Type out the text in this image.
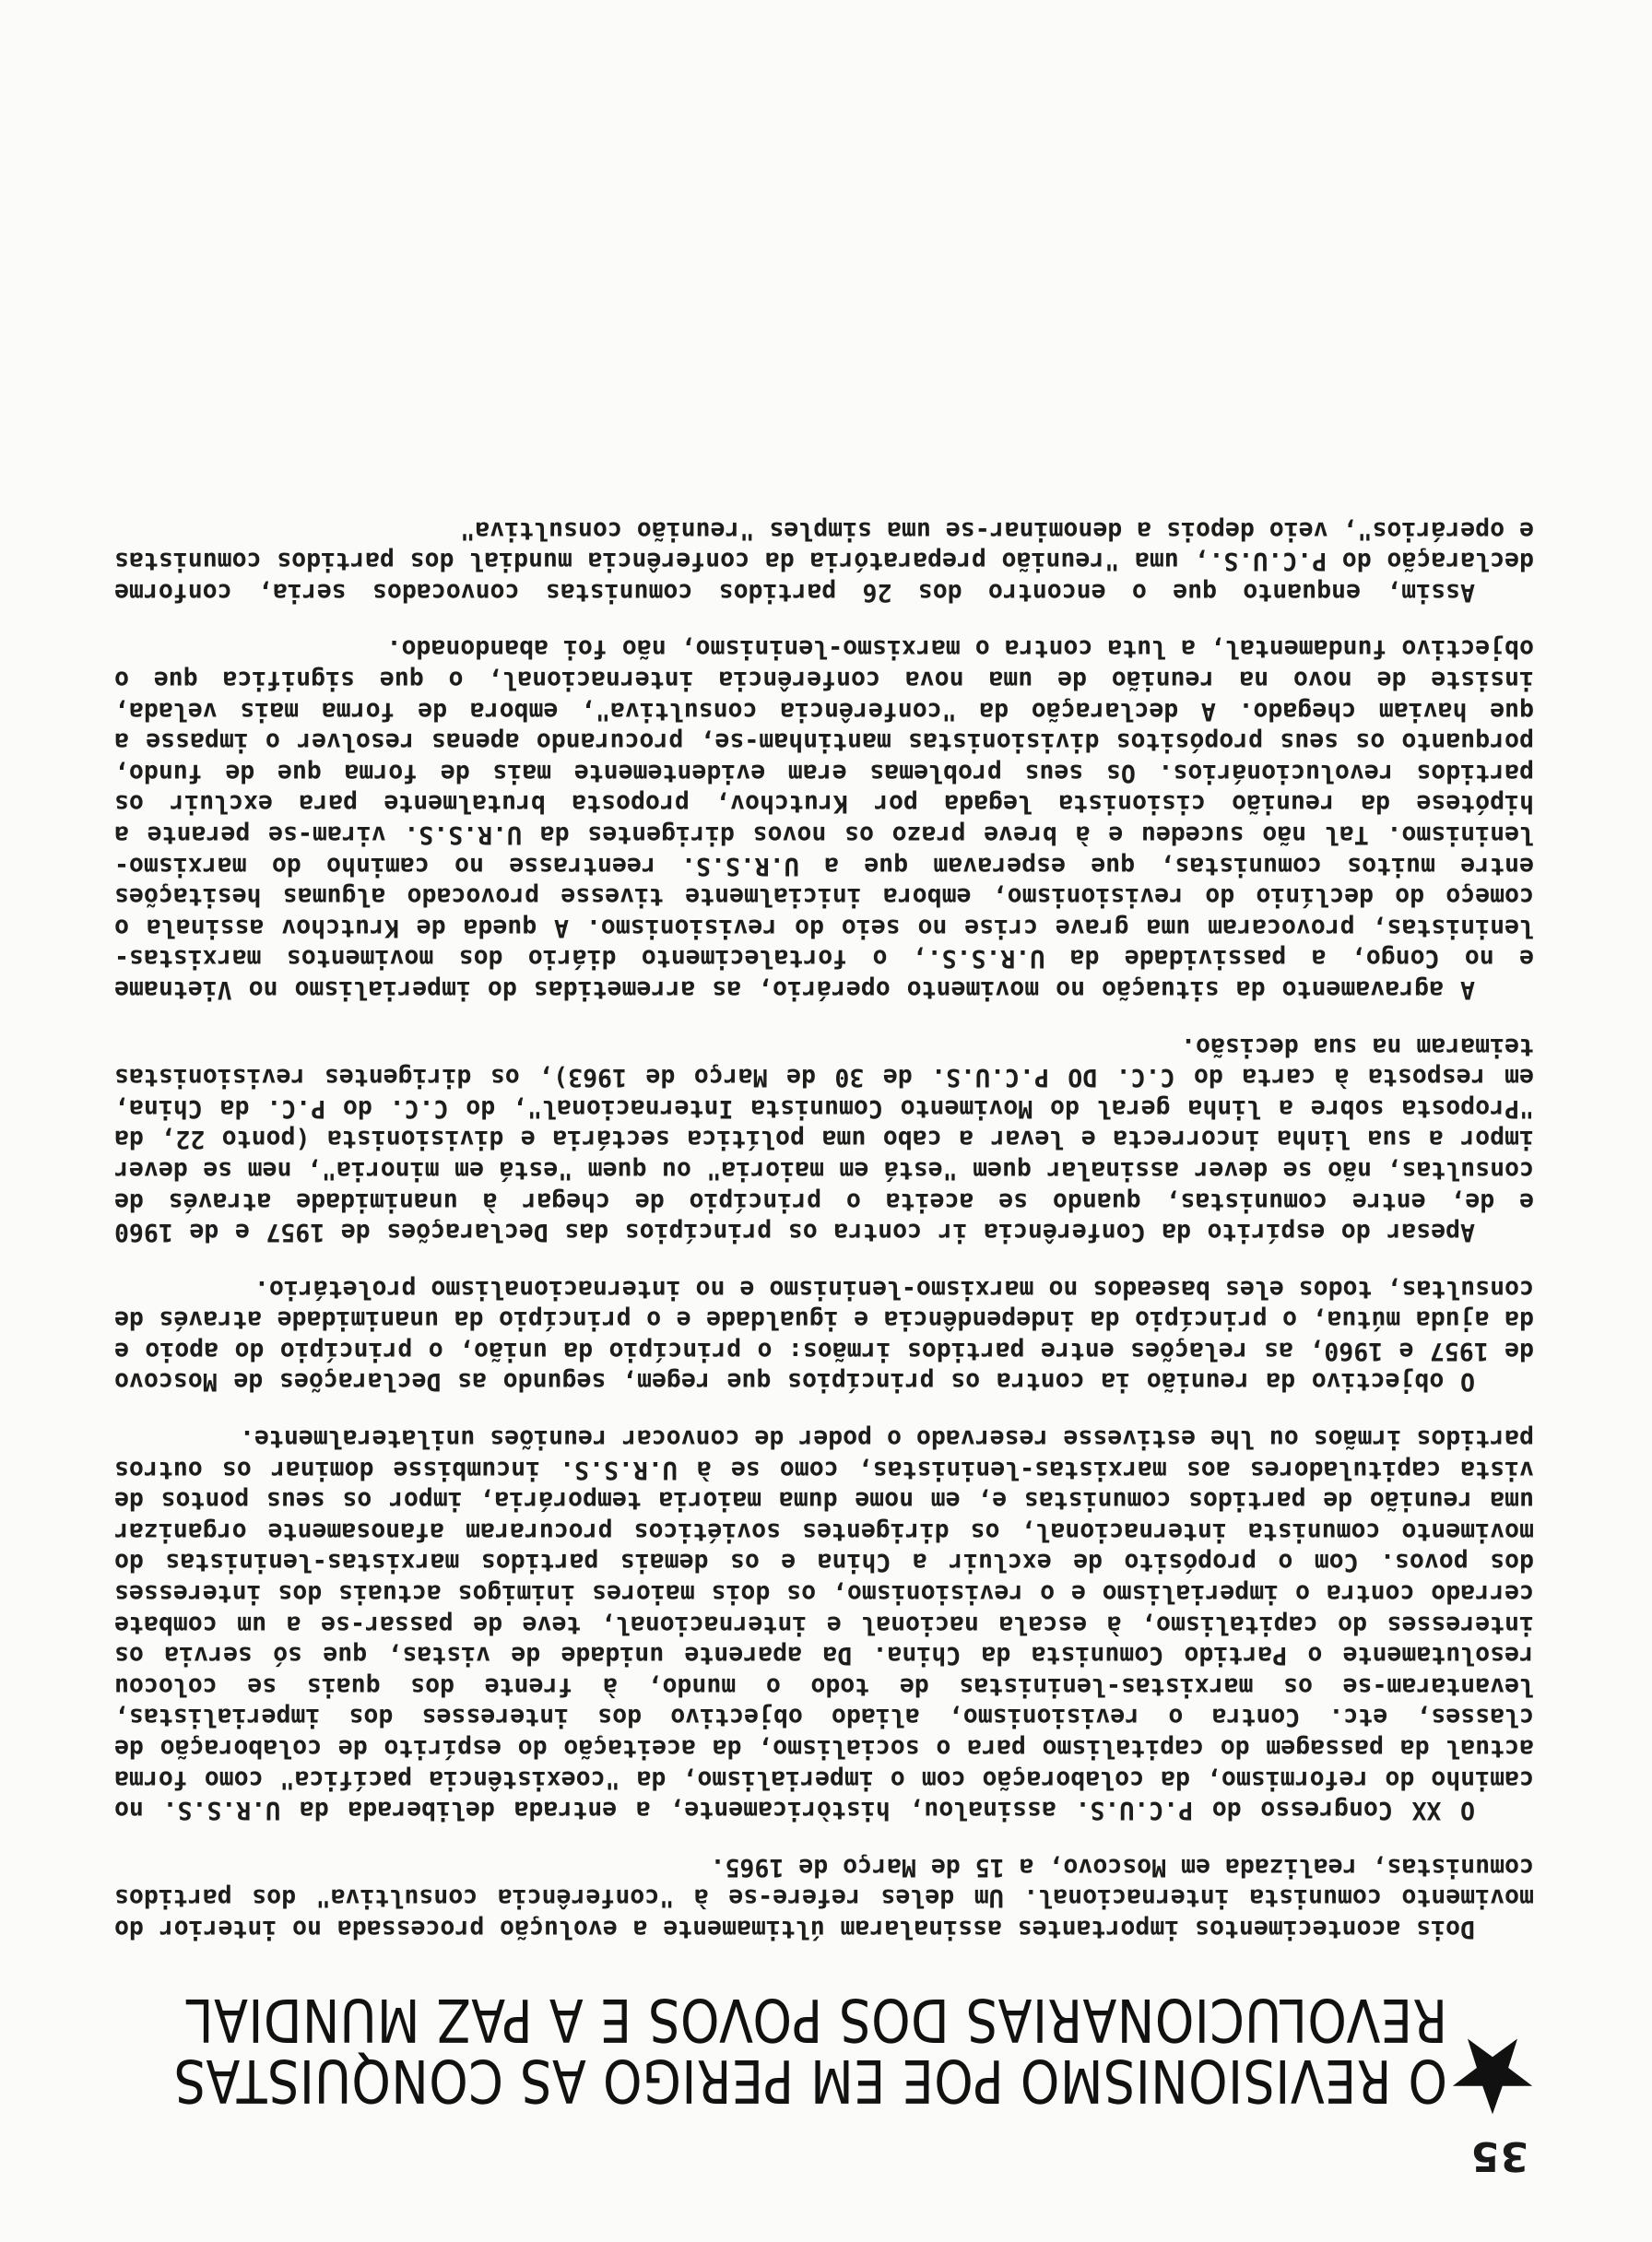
35
O REVISIONISMO POE EM PERIGO AS CONQUISTAS
REVOLUCIONARIAS DOS POVOS E A PAZ MUNDIAL

Dois acontecimentos importantes assinalaram últimamente a evolução processada no interior do movimento comunista internacional. Um deles refere-se à "conferência consultiva" dos partidos comunistas, realizada em Moscovo, a 15 de Março de 1965.

O XX Congresso do P.C.U.S. assinalou, històricamente, a entrada deliberada da U.R.S.S. no caminho do reformismo, da colaboração com o imperialismo, da "coexistência pacífica" como forma actual da passagem do capitalismo para o socialismo, da aceitação do espírito de colaboração de classes, etc. Contra o revisionismo, aliado objectivo dos interesses dos imperialistas, levantaram-se os marxistas-leninistas de todo o mundo, à frente dos quais se colocou resolutamente o Partido Comunista da China. Da aparente unidade de vistas, que só servia os interesses do capitalismo, à escala nacional e internacional, teve de passar-se a um combate cerrado contra o imperialismo e o revisionismo, os dois maiores inimigos actuais dos interesses dos povos. Com o propósito de excluir a China e os demais partidos marxistas-leninistas do movimento comunista internacional, os dirigentes soviéticos procuraram afanosamente organizar uma reunião de partidos comunistas e, em nome duma maioria temporária, impor os seus pontos de vista capituladores aos marxistas-leninistas, como se à U.R.S.S. incumbisse dominar os outros partidos irmãos ou lhe estivesse reservado o poder de convocar reuniões unilateralmente.

O objectivo da reunião ia contra os princípios que regem, segundo as Declarações de Moscovo de 1957 e 1960, as relações entre partidos irmãos: o princípio da união, o princípio do apoio e da ajuda mútua, o princípio da independência e igualdade e o princípio da unanimidade através de consultas, todos eles baseados no marxismo-leninismo e no internacionalismo proletário.

Apesar do espírito da Conferência ir contra os princípios das Declarações de 1957 e de 1960 e de, entre comunistas, quando se aceita o princípio de chegar à unanimidade através de consultas, não se dever assinalar quem "está em maioria" ou quem "está em minoria", nem se dever impor a sua linha incorrecta e levar a cabo uma política sectária e divisionista (ponto 22, da "Proposta sobre a linha geral do Movimento Comunista Internacional", do C.C. do P.C. da China, em resposta à carta do C.C. DO P.C.U.S. de 30 de Março de 1963), os dirigentes revisionistas teimaram na sua decisão.

A agravamento da situação no movimento operário, as arremetidas do imperialismo no Vietname e no Congo, a passividade da U.R.S.S., o fortalecimento diário dos movimentos marxistas-leninistas, provocaram uma grave crise no seio do revisionismo. A queda de Krutchov assinala o começo do declínio do revisionismo, embora inicialmente tivesse provocado algumas hesitações entre muitos comunistas, que esperavam que a U.R.S.S. reentrasse no caminho do marxismo-leninismo. Tal não sucedeu e à breve prazo os novos dirigentes da U.R.S.S. viram-se perante a hipótese da reunião cisionista legada por Krutchov, proposta brutalmente para excluir os partidos revolucionários. Os seus problemas eram evidentemente mais de forma que de fundo, porquanto os seus propósitos divisionistas mantinham-se, procurando apenas resolver o impasse a que haviam chegado. A declaração da "conferência consultiva", embora de forma mais velada, insiste de novo na reunião de uma nova conferência internacional, o que significa que o objectivo fundamental, a luta contra o marxismo-leninismo, não foi abandonado.

Assim, enquanto que o encontro dos 26 partidos comunistas convocados seria, conforme declaração do P.C.U.S., uma "reunião preparatória da conferência mundial dos partidos comunistas e operários", veio depois a denominar-se uma simples "reunião consultiva"
